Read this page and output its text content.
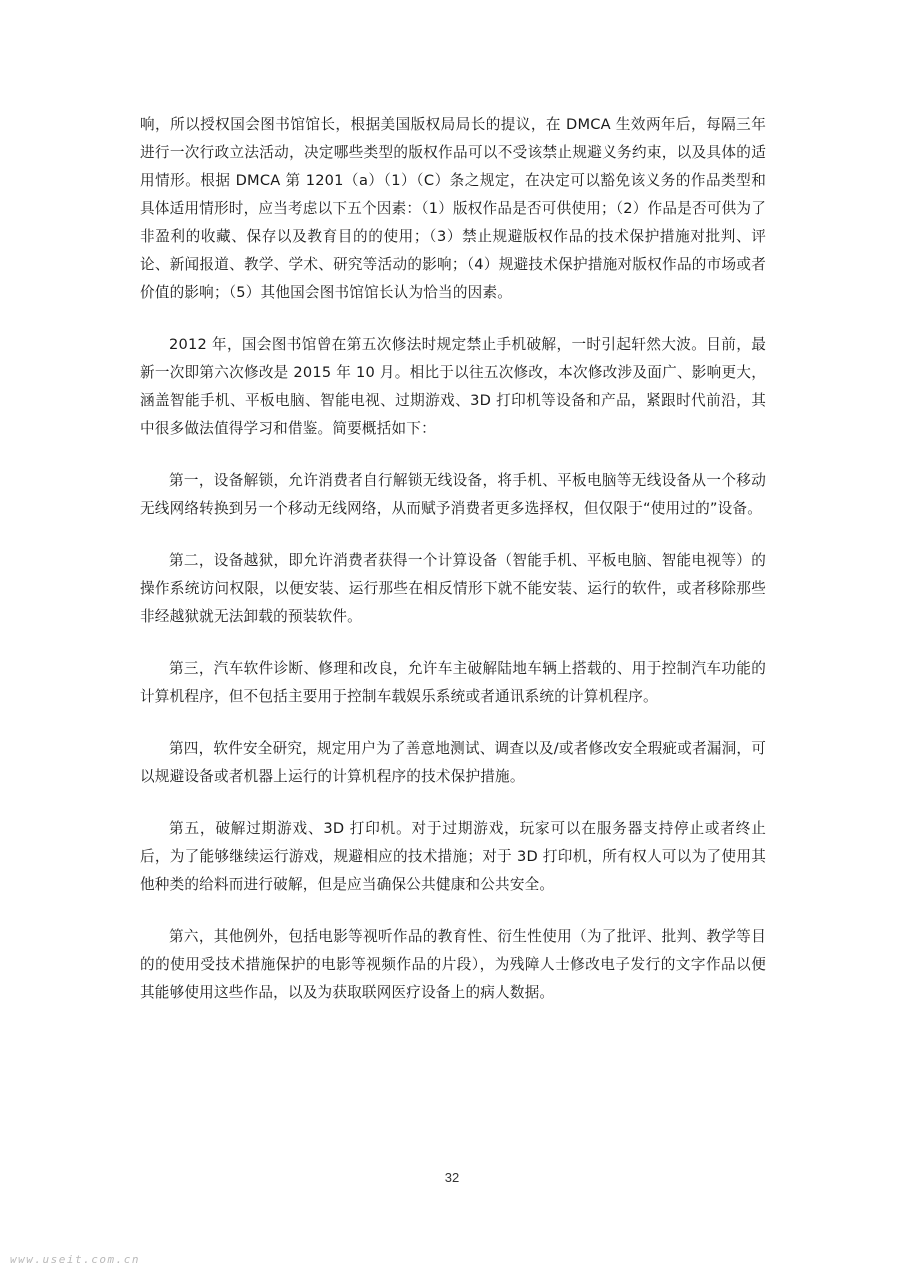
响，所以授权国会图书馆馆长，根据美国版权局局长的提议，在 DMCA 生效两年后，每隔三年进行一次行政立法活动，决定哪些类型的版权作品可以不受该禁止规避义务约束，以及具体的适用情形。根据 DMCA 第 1201（a）（1）（C）条之规定，在决定可以豁免该义务的作品类型和具体适用情形时，应当考虑以下五个因素：（1）版权作品是否可供使用；（2）作品是否可供为了非盈利的收藏、保存以及教育目的的使用；（3）禁止规避版权作品的技术保护措施对批判、评论、新闻报道、教学、学术、研究等活动的影响；（4）规避技术保护措施对版权作品的市场或者价值的影响；（5）其他国会图书馆馆长认为恰当的因素。

2012 年，国会图书馆曾在第五次修法时规定禁止手机破解，一时引起轩然大波。目前，最新一次即第六次修改是 2015 年 10 月。相比于以往五次修改，本次修改涉及面广、影响更大，涵盖智能手机、平板电脑、智能电视、过期游戏、3D 打印机等设备和产品，紧跟时代前沿，其中很多做法值得学习和借鉴。简要概括如下：

第一，设备解锁，允许消费者自行解锁无线设备，将手机、平板电脑等无线设备从一个移动无线网络转换到另一个移动无线网络，从而赋予消费者更多选择权，但仅限于“使用过的”设备。

第二，设备越狱，即允许消费者获得一个计算设备（智能手机、平板电脑、智能电视等）的操作系统访问权限，以便安装、运行那些在相反情形下就不能安装、运行的软件，或者移除那些非经越狱就无法卸载的预装软件。

第三，汽车软件诊断、修理和改良，允许车主破解陆地车辆上搭载的、用于控制汽车功能的计算机程序，但不包括主要用于控制车载娱乐系统或者通讯系统的计算机程序。

第四，软件安全研究，规定用户为了善意地测试、调查以及/或者修改安全瑕疵或者漏洞，可以规避设备或者机器上运行的计算机程序的技术保护措施。

第五，破解过期游戏、3D 打印机。对于过期游戏，玩家可以在服务器支持停止或者终止后，为了能够继续运行游戏，规避相应的技术措施；对于 3D 打印机，所有权人可以为了使用其他种类的给料而进行破解，但是应当确保公共健康和公共安全。

第六，其他例外，包括电影等视听作品的教育性、衍生性使用（为了批评、批判、教学等目的的使用受技术措施保护的电影等视频作品的片段），为残障人士修改电子发行的文字作品以便其能够使用这些作品，以及为获取联网医疗设备上的病人数据。

32
www.useit.com.cn
